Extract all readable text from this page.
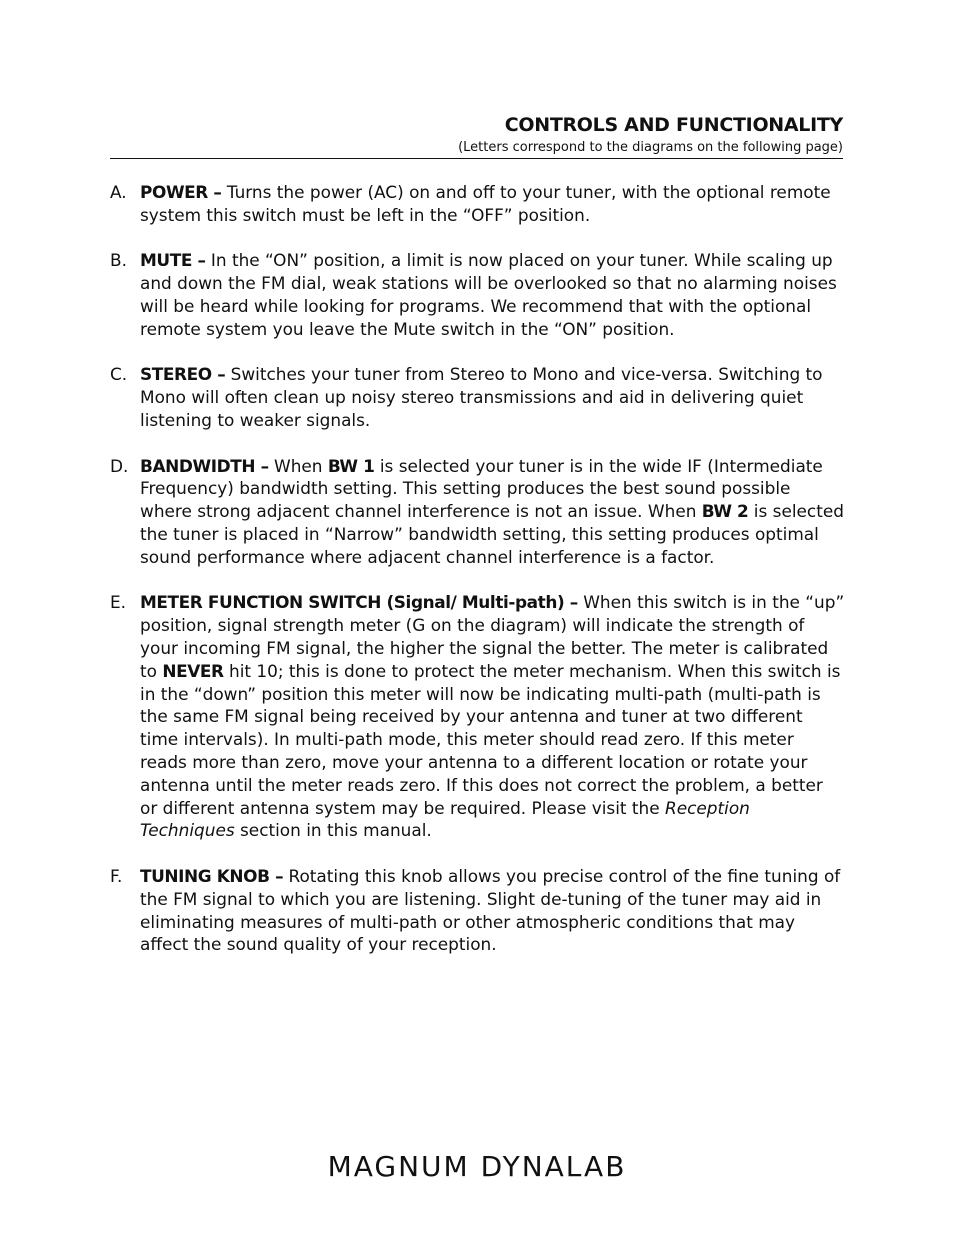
CONTROLS AND FUNCTIONALITY
(Letters correspond to the diagrams on the following page)
A. POWER – Turns the power (AC) on and off to your tuner, with the optional remote system this switch must be left in the “OFF” position.
B. MUTE – In the “ON” position, a limit is now placed on your tuner. While scaling up and down the FM dial, weak stations will be overlooked so that no alarming noises will be heard while looking for programs. We recommend that with the optional remote system you leave the Mute switch in the “ON” position.
C. STEREO – Switches your tuner from Stereo to Mono and vice-versa. Switching to Mono will often clean up noisy stereo transmissions and aid in delivering quiet listening to weaker signals.
D. BANDWIDTH – When BW 1 is selected your tuner is in the wide IF (Intermediate Frequency) bandwidth setting. This setting produces the best sound possible where strong adjacent channel interference is not an issue. When BW 2 is selected the tuner is placed in “Narrow” bandwidth setting, this setting produces optimal sound performance where adjacent channel interference is a factor.
E. METER FUNCTION SWITCH (Signal/ Multi-path) – When this switch is in the “up” position, signal strength meter (G on the diagram) will indicate the strength of your incoming FM signal, the higher the signal the better. The meter is calibrated to NEVER hit 10; this is done to protect the meter mechanism. When this switch is in the “down” position this meter will now be indicating multi-path (multi-path is the same FM signal being received by your antenna and tuner at two different time intervals). In multi-path mode, this meter should read zero. If this meter reads more than zero, move your antenna to a different location or rotate your antenna until the meter reads zero. If this does not correct the problem, a better or different antenna system may be required. Please visit the Reception Techniques section in this manual.
F. TUNING KNOB – Rotating this knob allows you precise control of the fine tuning of the FM signal to which you are listening. Slight de-tuning of the tuner may aid in eliminating measures of multi-path or other atmospheric conditions that may affect the sound quality of your reception.
MAGNUM DYNALAB
